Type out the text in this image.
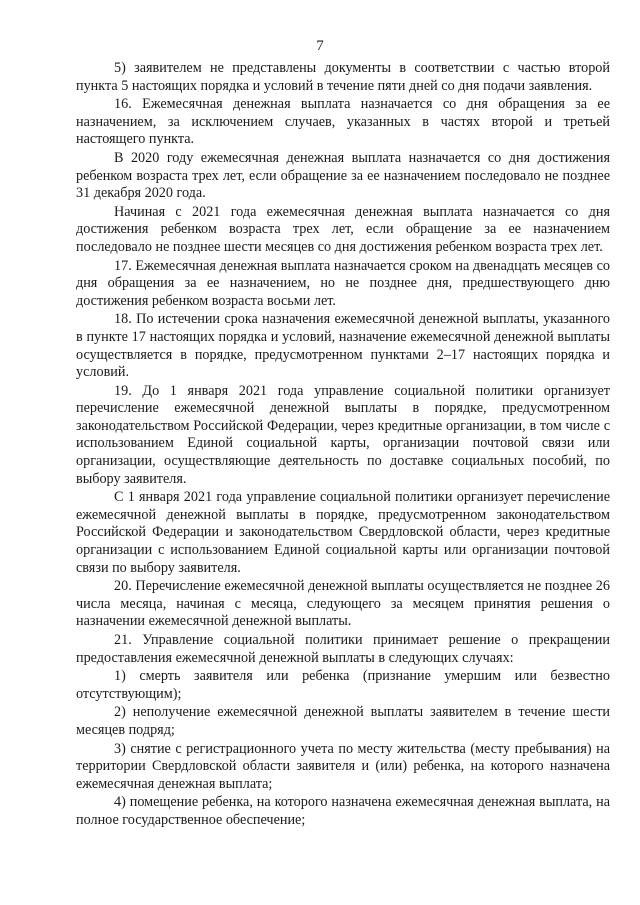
7

5) заявителем не представлены документы в соответствии с частью второй пункта 5 настоящих порядка и условий в течение пяти дней со дня подачи заявления.

16. Ежемесячная денежная выплата назначается со дня обращения за ее назначением, за исключением случаев, указанных в частях второй и третьей настоящего пункта.

В 2020 году ежемесячная денежная выплата назначается со дня достижения ребенком возраста трех лет, если обращение за ее назначением последовало не позднее 31 декабря 2020 года.

Начиная с 2021 года ежемесячная денежная выплата назначается со дня достижения ребенком возраста трех лет, если обращение за ее назначением последовало не позднее шести месяцев со дня достижения ребенком возраста трех лет.

17. Ежемесячная денежная выплата назначается сроком на двенадцать месяцев со дня обращения за ее назначением, но не позднее дня, предшествующего дню достижения ребенком возраста восьми лет.

18. По истечении срока назначения ежемесячной денежной выплаты, указанного в пункте 17 настоящих порядка и условий, назначение ежемесячной денежной выплаты осуществляется в порядке, предусмотренном пунктами 2–17 настоящих порядка и условий.

19. До 1 января 2021 года управление социальной политики организует перечисление ежемесячной денежной выплаты в порядке, предусмотренном законодательством Российской Федерации, через кредитные организации, в том числе с использованием Единой социальной карты, организации почтовой связи или организации, осуществляющие деятельность по доставке социальных пособий, по выбору заявителя.

С 1 января 2021 года управление социальной политики организует перечисление ежемесячной денежной выплаты в порядке, предусмотренном законодательством Российской Федерации и законодательством Свердловской области, через кредитные организации с использованием Единой социальной карты или организации почтовой связи по выбору заявителя.

20. Перечисление ежемесячной денежной выплаты осуществляется не позднее 26 числа месяца, начиная с месяца, следующего за месяцем принятия решения о назначении ежемесячной денежной выплаты.

21. Управление социальной политики принимает решение о прекращении предоставления ежемесячной денежной выплаты в следующих случаях:

1) смерть заявителя или ребенка (признание умершим или безвестно отсутствующим);

2) неполучение ежемесячной денежной выплаты заявителем в течение шести месяцев подряд;

3) снятие с регистрационного учета по месту жительства (месту пребывания) на территории Свердловской области заявителя и (или) ребенка, на которого назначена ежемесячная денежная выплата;

4) помещение ребенка, на которого назначена ежемесячная денежная выплата, на полное государственное обеспечение;
